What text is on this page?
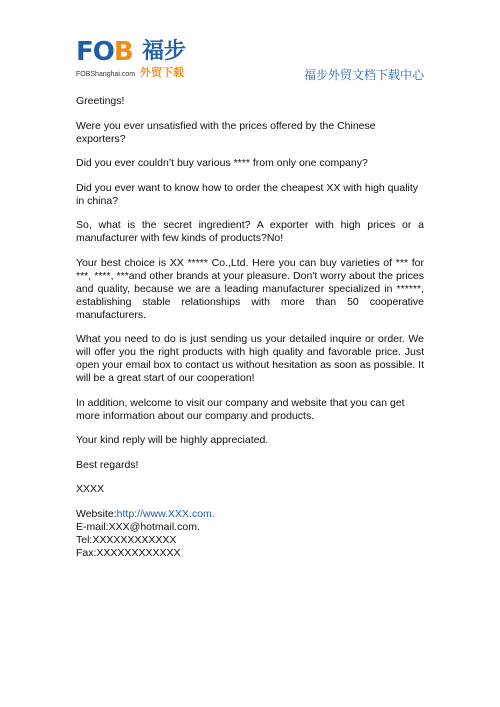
FOB 福步
FOBShanghai.com 外贸下载	福步外贸文档下载中心

Greetings!

Were you ever unsatisfied with the prices offered by the Chinese exporters?

Did you ever couldn’t buy various **** from only one company?

Did you ever want to know how to order the cheapest XX with high quality in china?

So, what is the secret ingredient? A exporter with high prices or a manufacturer with few kinds of products?No!

Your best choice is XX ***** Co.,Ltd. Here you can buy varieties of *** for ***, ****, ***and other brands at your pleasure. Don't worry about the prices and quality, because we are a leading manufacturer specialized in ******, establishing stable relationships with more than 50 cooperative manufacturers.

What you need to do is just sending us your detailed inquire or order. We will offer you the right products with high quality and favorable price. Just open your email box to contact us without hesitation as soon as possible. It will be a great start of our cooperation!

In addition, welcome to visit our company and website that you can get more information about our company and products.

Your kind reply will be highly appreciated.

Best regards!

XXXX

Website:http://www.XXX.com.

E-mail:XXX@hotmail.com.

Tel:XXXXXXXXXXXX

Fax:XXXXXXXXXXXX
